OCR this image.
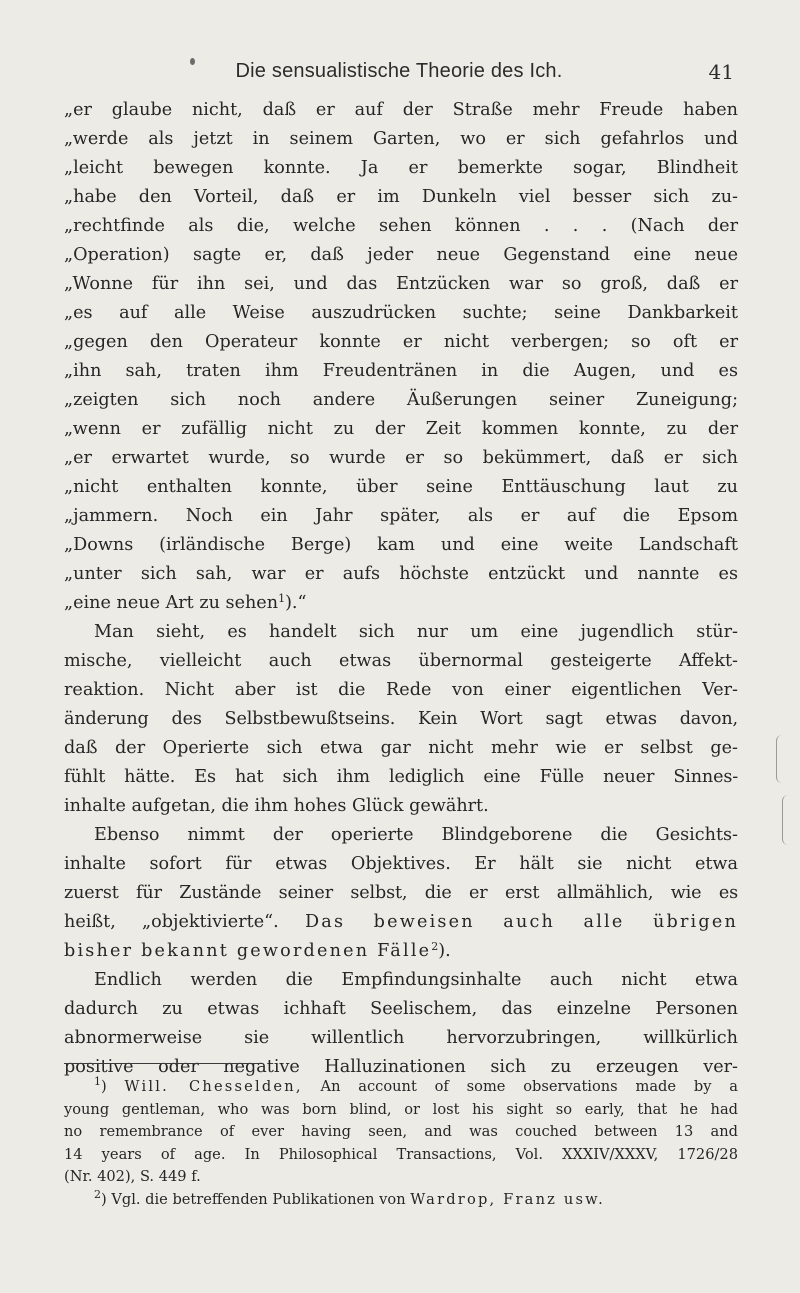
Die sensualistische Theorie des Ich.	41
„er glaube nicht, daß er auf der Straße mehr Freude haben
„werde als jetzt in seinem Garten, wo er sich gefahrlos und
„leicht bewegen konnte. Ja er bemerkte sogar, Blindheit
„habe den Vorteil, daß er im Dunkeln viel besser sich zu-
„rechtfinde als die, welche sehen können . . . (Nach der
„Operation) sagte er, daß jeder neue Gegenstand eine neue
„Wonne für ihn sei, und das Entzücken war so groß, daß er
„es auf alle Weise auszudrücken suchte; seine Dankbarkeit
„gegen den Operateur konnte er nicht verbergen; so oft er
„ihn sah, traten ihm Freudentränen in die Augen, und es
„zeigten sich noch andere Äußerungen seiner Zuneigung;
„wenn er zufällig nicht zu der Zeit kommen konnte, zu der
„er erwartet wurde, so wurde er so bekümmert, daß er sich
„nicht enthalten konnte, über seine Enttäuschung laut zu
„jammern. Noch ein Jahr später, als er auf die Epsom
„Downs (irländische Berge) kam und eine weite Landschaft
„unter sich sah, war er aufs höchste entzückt und nannte es
„eine neue Art zu sehen$^1$).“
Man sieht, es handelt sich nur um eine jugendlich stür-
mische, vielleicht auch etwas übernormal gesteigerte Affekt-
reaktion. Nicht aber ist die Rede von einer eigentlichen Ver-
änderung des Selbstbewußtseins. Kein Wort sagt etwas davon,
daß der Operierte sich etwa gar nicht mehr wie er selbst ge-
fühlt hätte. Es hat sich ihm lediglich eine Fülle neuer Sinnes-
inhalte aufgetan, die ihm hohes Glück gewährt.
Ebenso nimmt der operierte Blindgeborene die Gesichts-
inhalte sofort für etwas Objektives. Er hält sie nicht etwa
zuerst für Zustände seiner selbst, die er erst allmählich, wie es
heißt, „objektivierte“. Das beweisen auch alle übrigen
bisher bekannt gewordenen Fälle$^2$).
Endlich werden die Empfindungsinhalte auch nicht etwa
dadurch zu etwas ichhaft Seelischem, das einzelne Personen
abnormerweise sie willentlich hervorzubringen, willkürlich
positive oder negative Halluzinationen sich zu erzeugen ver-
$^1$) Will. Chesselden, An account of some observations made by a
young gentleman, who was born blind, or lost his sight so early, that he had
no remembrance of ever having seen, and was couched between 13 and
14 years of age. In Philosophical Transactions, Vol. XXXIV/XXXV, 1726/28
(Nr. 402), S. 449 f.
$^2$) Vgl. die betreffenden Publikationen von Wardrop, Franz usw.
